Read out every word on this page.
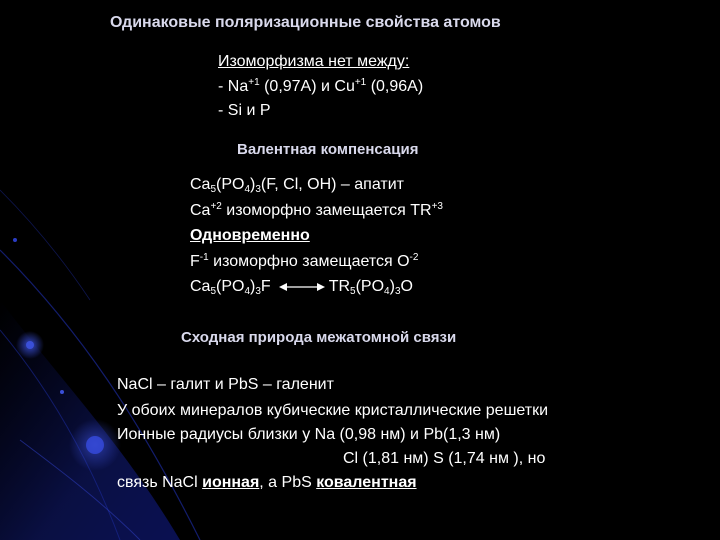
Одинаковые поляризационные свойства атомов
Изоморфизма нет между:
- $Na^{+1}$ (0,97А) и $Cu^{+1}$ (0,96А)
- Si и P
Валентная компенсация
$Ca_5(PO_4)_3(F$, Cl, OH) – апатит
$Ca^{+2}$ изоморфно замещается $TR^{+3}$
Одновременно
$F^{-1}$ изоморфно замещается $O^{-2}$
$Ca_5(PO_4)_3F$	$TR_5(PO_4)_3O$
Сходная природа межатомной связи
NaCl – галит и PbS – галенит
У обоих минералов кубические кристаллические решетки
Ионные радиусы близки у Na (0,98 нм) и Pb(1,3 нм)
Cl (1,81 нм) S (1,74 нм ), но
связь NaCl ионная, а PbS ковалентная
